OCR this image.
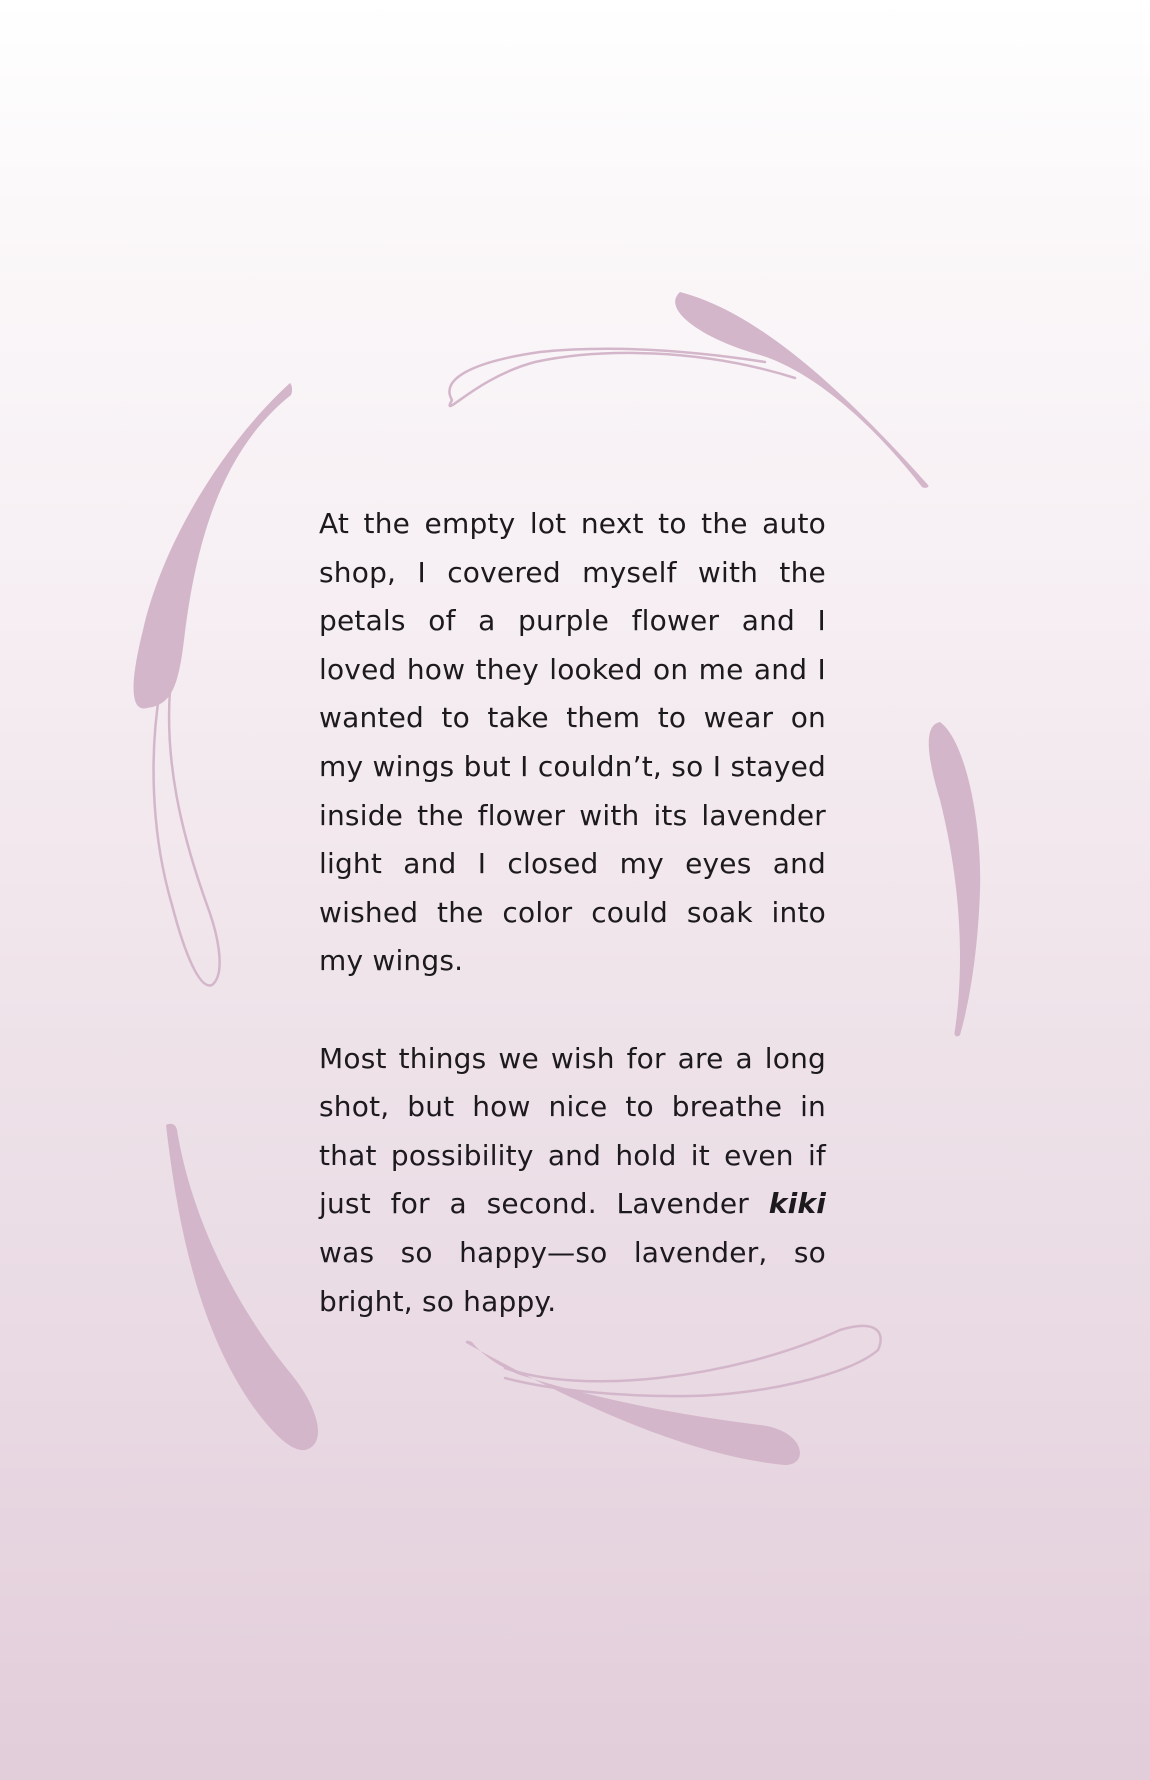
At the empty lot next to the auto shop, I covered myself with the petals of a purple flower and I loved how they looked on me and I wanted to take them to wear on my wings but I couldn’t, so I stayed inside the flower with its lavender light and I closed my eyes and wished the color could soak into my wings.

Most things we wish for are a long shot, but how nice to breathe in that possibility and hold it even if just for a second. Lavender kiki was so happy—so lavender, so bright, so happy.
